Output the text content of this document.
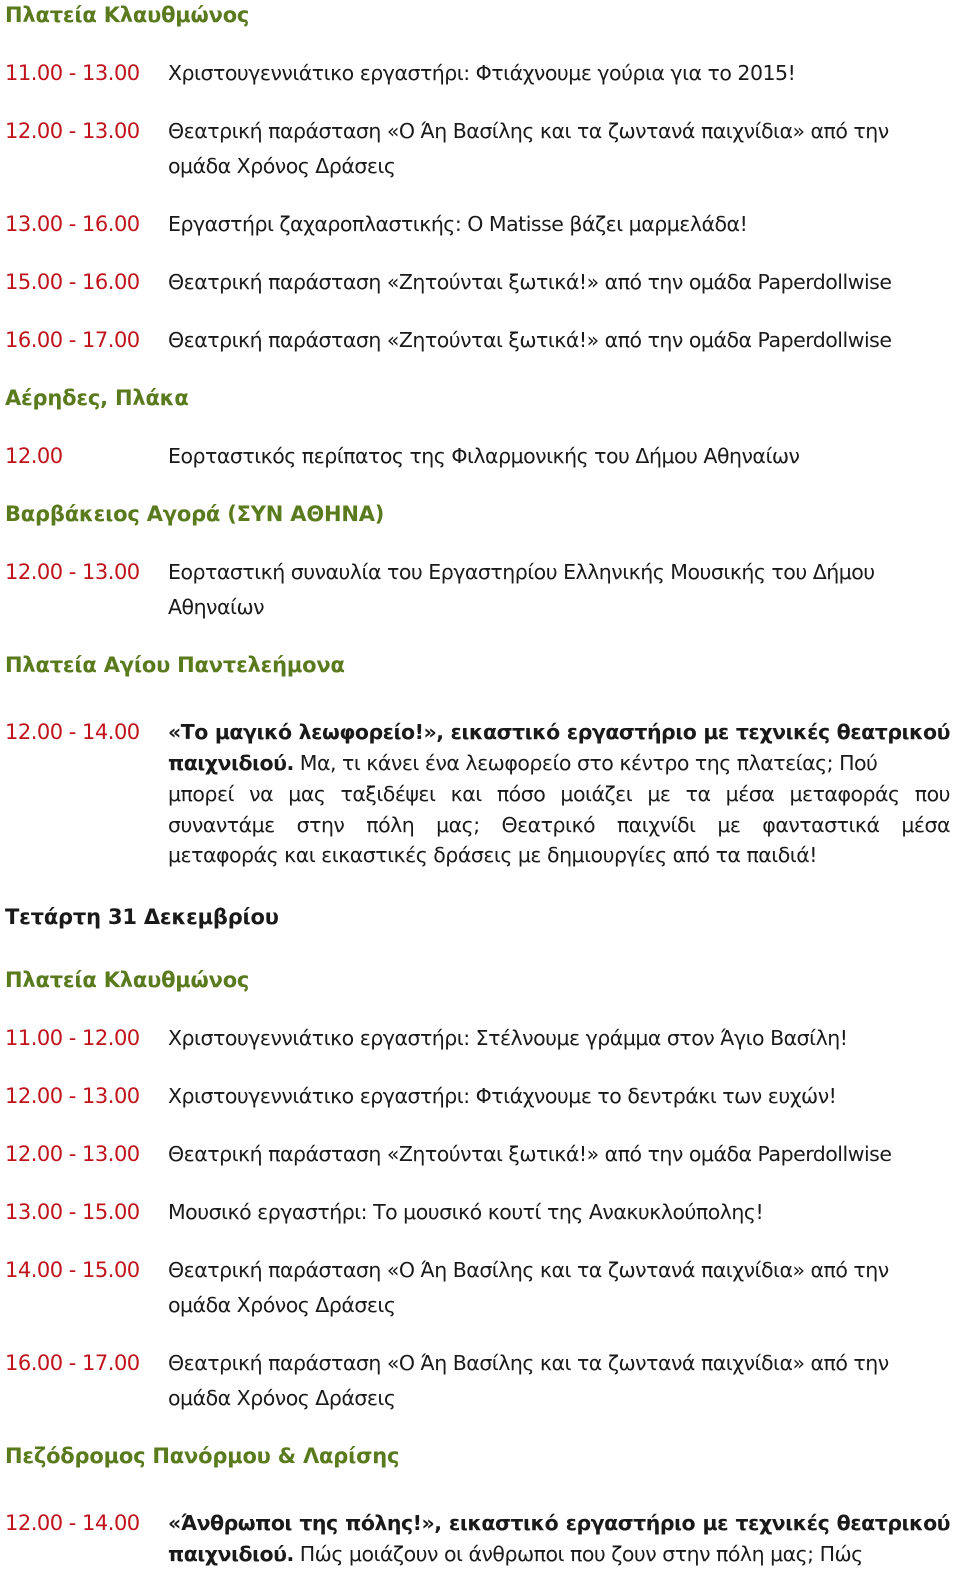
Πλατεία Κλαυθμώνος
11.00 - 13.00 Χριστουγεννιάτικο εργαστήρι: Φτιάχνουμε γούρια για το 2015!
12.00 - 13.00 Θεατρική παράσταση «Ο Άη Βασίλης και τα ζωντανά παιχνίδια» από την
ομάδα Χρόνος Δράσεις
13.00 - 16.00 Εργαστήρι ζαχαροπλαστικής: O Matisse βάζει μαρμελάδα!
15.00 - 16.00 Θεατρική παράσταση «Ζητούνται ξωτικά!» από την ομάδα Paperdollwise
16.00 - 17.00 Θεατρική παράσταση «Ζητούνται ξωτικά!» από την ομάδα Paperdollwise
Αέρηδες, Πλάκα
12.00	Εορταστικός περίπατος της Φιλαρμονικής του Δήμου Αθηναίων
Βαρβάκειος Αγορά (ΣΥΝ ΑΘΗΝΑ)
12.00 - 13.00 Εορταστική συναυλία του Εργαστηρίου Ελληνικής Μουσικής του Δήμου
Αθηναίων
Πλατεία Αγίου Παντελεήμονα
12.00 - 14.00 «Το μαγικό λεωφορείο!», εικαστικό εργαστήριο με τεχνικές θεατρικού
παιχνιδιού. Μα, τι κάνει ένα λεωφορείο στο κέντρο της πλατείας; Πού
μπορεί να μας ταξιδέψει και πόσο μοιάζει με τα μέσα μεταφοράς που
συναντάμε στην πόλη μας; Θεατρικό παιχνίδι με φανταστικά μέσα
μεταφοράς και εικαστικές δράσεις με δημιουργίες από τα παιδιά!
Τετάρτη 31 Δεκεμβρίου
Πλατεία Κλαυθμώνος
11.00 - 12.00 Χριστουγεννιάτικο εργαστήρι: Στέλνουμε γράμμα στον Άγιο Βασίλη!
12.00 - 13.00 Χριστουγεννιάτικο εργαστήρι: Φτιάχνουμε το δεντράκι των ευχών!
12.00 - 13.00 Θεατρική παράσταση «Ζητούνται ξωτικά!» από την ομάδα Paperdollwise
13.00 - 15.00 Μουσικό εργαστήρι: Το μουσικό κουτί της Ανακυκλούπολης!
14.00 - 15.00 Θεατρική παράσταση «Ο Άη Βασίλης και τα ζωντανά παιχνίδια» από την
ομάδα Χρόνος Δράσεις
16.00 - 17.00 Θεατρική παράσταση «Ο Άη Βασίλης και τα ζωντανά παιχνίδια» από την
ομάδα Χρόνος Δράσεις
Πεζόδρομος Πανόρμου & Λαρίσης
12.00 - 14.00 «Άνθρωποι της πόλης!», εικαστικό εργαστήριο με τεχνικές θεατρικού
παιχνιδιού. Πώς μοιάζουν οι άνθρωποι που ζουν στην πόλη μας; Πώς
